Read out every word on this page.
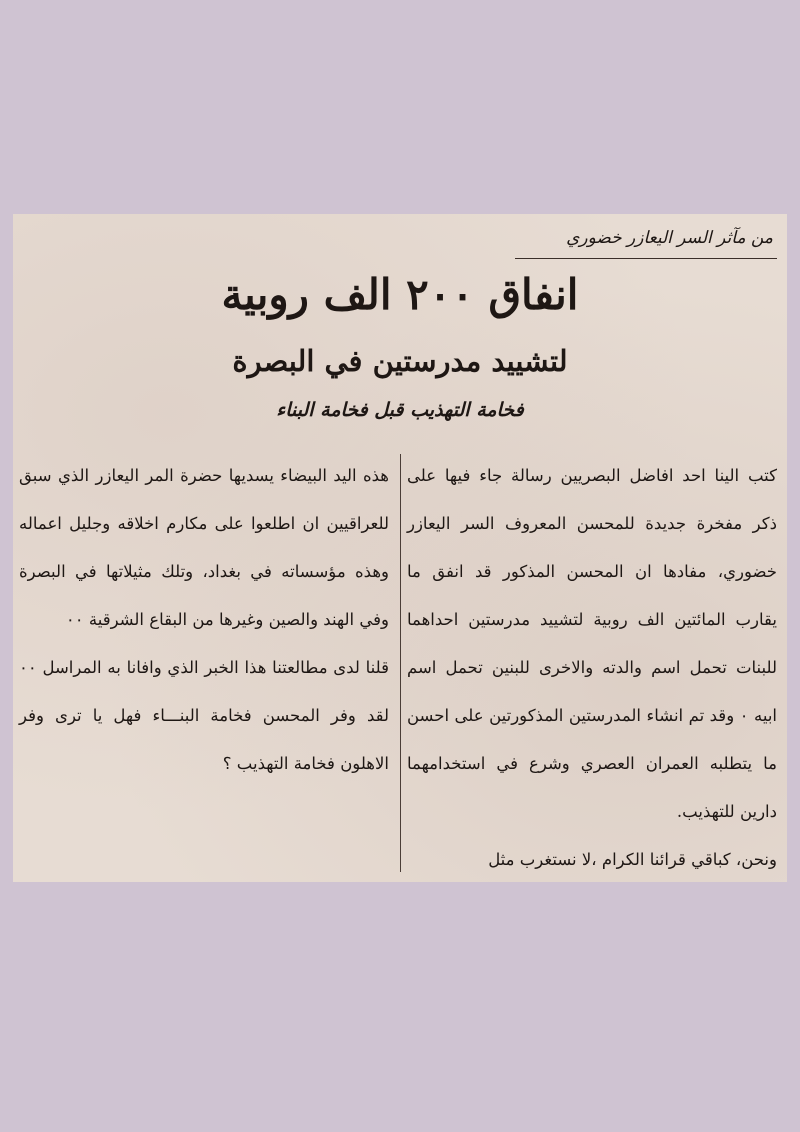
من مآثر السر اليعازر خضوري

انفاق ٢٠٠ الف روبية
لتشييد مدرستين في البصرة

فخامة التهذيب قبل فخامة البناء

كتب الينا احد افاضل البصريين رسالة جاء فيها على ذكر مفخرة جديدة للمحسن المعروف السر اليعازر خضوري، مفادها ان المحسن المذكور قد انفق ما يقارب المائتين الف روبية لتشييد مدرستين احداهما للبنات تحمل اسم والدته والاخرى للبنين تحمل اسم ابيه ٠ وقد تم انشاء المدرستين المذكورتين على احسن ما يتطلبه العمران العصري وشرع في استخدامهما دارين للتهذيب.

ونحن، كباقي قرائنا الكرام ،لا نستغرب مثل

هذه اليد البيضاء يسديها حضرة المر اليعازر الذي سبق للعراقيين ان اطلعوا على مكارم اخلاقه وجليل اعماله وهذه مؤسساته في بغداد، وتلك مثيلاتها في البصرة وفي الهند والصين وغيرها من البقاع الشرقية ٠٠

قلنا لدى مطالعتنا هذا الخبر الذي وافانا به المراسل ٠٠ لقد وفر المحسن فخامة البنـــاء فهل يا ترى وفر الاهلون فخامة التهذيب ؟
